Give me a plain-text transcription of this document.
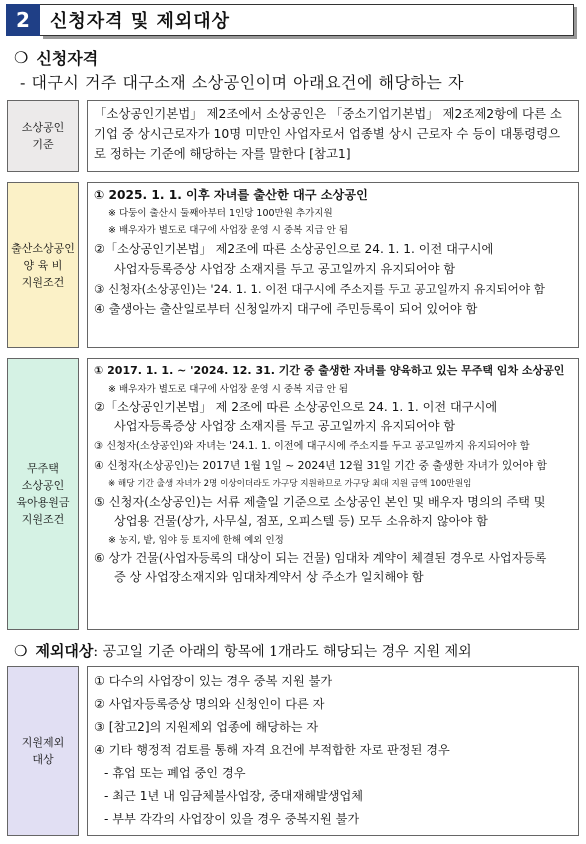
2	신청자격 및 제외대상
❍ 신청자격
- 대구시 거주 대구소재 소상공인이며 아래요건에 해당하는 자
소상공인
기준
「소상공인기본법」 제2조에서 소상공인은 「중소기업기본법」 제2조제2항에 다른 소기업 중 상시근로자가 10명 미만인 사업자로서 업종별 상시 근로자 수 등이 대통령령으로 정하는 기준에 해당하는 자를 말한다 [참고1]
출산소상공인
양 육 비
지원조건
① 2025. 1. 1. 이후 자녀를 출산한 대구 소상공인
※ 다둥이 출산시 둘째아부터 1인당 100만원 추가지원
※ 배우자가 별도로 대구에 사업장 운영 시 중복 지급 안 됨
②「소상공인기본법」 제2조에 따른 소상공인으로 24. 1. 1. 이전 대구시에
사업자등록증상 사업장 소재지를 두고 공고일까지 유지되어야 함
③ 신청자(소상공인)는 '24. 1. 1. 이전 대구시에 주소지를 두고 공고일까지 유지되어야 함
④ 출생아는 출산일로부터 신청일까지 대구에 주민등록이 되어 있어야 함
무주택
소상공인
육아용원금
지원조건
① 2017. 1. 1. ~ '2024. 12. 31. 기간 중 출생한 자녀를 양육하고 있는 무주택 임차 소상공인
※ 배우자가 별도로 대구에 사업장 운영 시 중복 지급 안 됨
②「소상공인기본법」 제 2조에 따른 소상공인으로 24. 1. 1. 이전 대구시에
사업자등록증상 사업장 소재지를 두고 공고일까지 유지되어야 함
③ 신청자(소상공인)와 자녀는 '24.1. 1. 이전에 대구시에 주소지를 두고 공고일까지 유지되어야 함
④ 신청자(소상공인)는 2017년 1월 1일 ~ 2024년 12월 31일 기간 중 출생한 자녀가 있어야 함
※ 해당 기간 출생 자녀가 2명 이상이더라도 가구당 지원하므로 가구당 최대 지원 금액 100만원임
⑤ 신청자(소상공인)는 서류 제출일 기준으로 소상공인 본인 및 배우자 명의의 주택 및
상업용 건물(상가, 사무실, 점포, 오피스텔 등) 모두 소유하지 않아야 함
※ 농지, 밭, 임야 등 토지에 한해 예외 인정
⑥ 상가 건물(사업자등록의 대상이 되는 건물) 임대차 계약이 체결된 경우로 사업자등록
증 상 사업장소재지와 임대차계약서 상 주소가 일치해야 함
❍ 제외대상 : 공고일 기준 아래의 항목에 1개라도 해당되는 경우 지원 제외
지원제외
대상
① 다수의 사업장이 있는 경우 중복 지원 불가
② 사업자등록증상 명의와 신청인이 다른 자
③ [참고2]의 지원제외 업종에 해당하는 자
④ 기타 행정적 검토를 통해 자격 요건에 부적합한 자로 판정된 경우
- 휴업 또는 폐업 중인 경우
- 최근 1년 내 임금체불사업장, 중대재해발생업체
- 부부 각각의 사업장이 있을 경우 중복지원 불가
